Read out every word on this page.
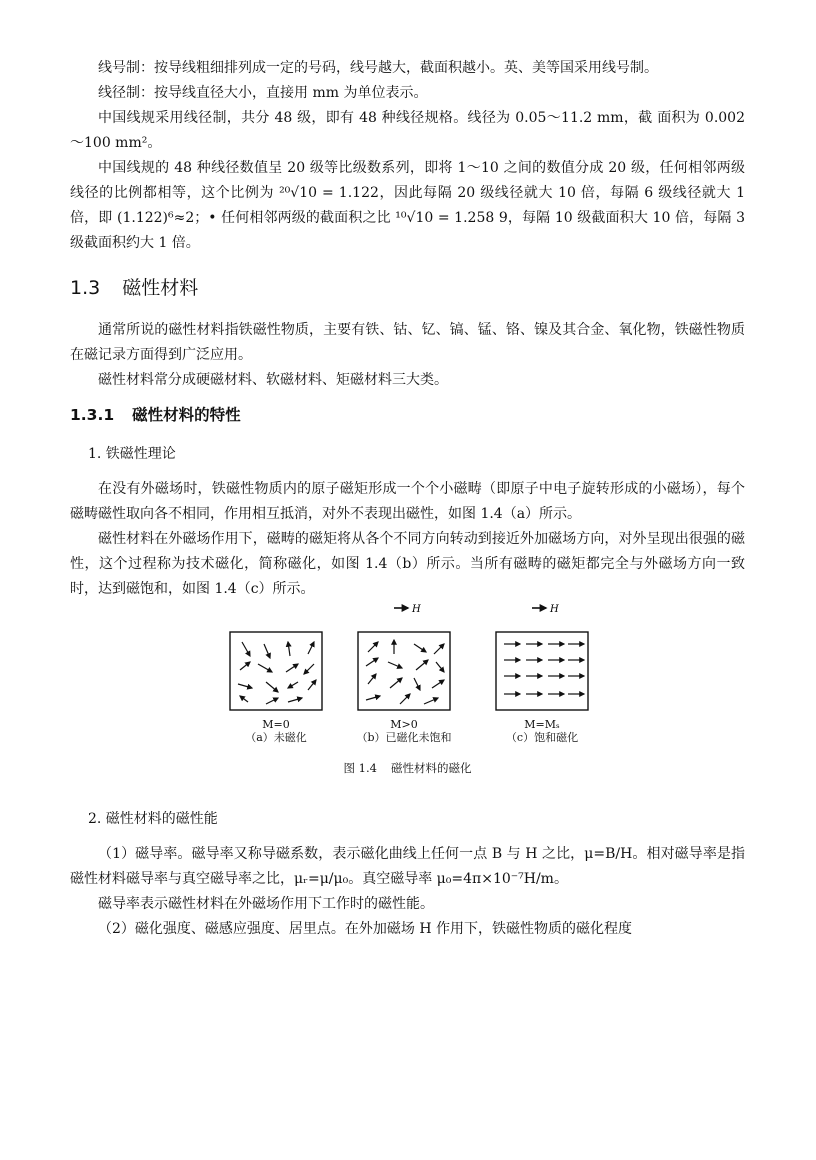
线号制：按导线粗细排列成一定的号码，线号越大，截面积越小。英、美等国采用线号制。

线径制：按导线直径大小，直接用 mm 为单位表示。

中国线规采用线径制，共分 48 级，即有 48 种线径规格。线径为 0.05～11.2 mm，截 面积为 0.002～100 mm²。

中国线规的 48 种线径数值呈 20 级等比级数系列，即将 1～10 之间的数值分成 20 级，任何相邻两级线径的比例都相等，这个比例为 ²⁰√10 = 1.122，因此每隔 20 级线径就大 10 倍，每隔 6 级线径就大 1 倍，即 (1.122)⁶≈2；• 任何相邻两级的截面积之比 ¹⁰√10 = 1.258 9，每隔 10 级截面积大 10 倍，每隔 3 级截面积约大 1 倍。

1.3 磁性材料

通常所说的磁性材料指铁磁性物质，主要有铁、钴、钇、镐、锰、铬、镍及其合金、氧化物，铁磁性物质在磁记录方面得到广泛应用。

磁性材料常分成硬磁材料、软磁材料、矩磁材料三大类。

1.3.1 磁性材料的特性
1. 铁磁性理论

在没有外磁场时，铁磁性物质内的原子磁矩形成一个个小磁畴（即原子中电子旋转形成的小磁场），每个磁畴磁性取向各不相同，作用相互抵消，对外不表现出磁性，如图 1.4（a）所示。

磁性材料在外磁场作用下，磁畴的磁矩将从各个不同方向转动到接近外加磁场方向，对外呈现出很强的磁性，这个过程称为技术磁化，简称磁化，如图 1.4（b）所示。当所有磁畴的磁矩都完全与外磁场方向一致时，达到磁饱和，如图 1.4（c）所示。

M=0
（a）未磁化
H
M>0
（b）已磁化未饱和
H
M=Mₛ
（c）饱和磁化
图 1.4 磁性材料的磁化
2. 磁性材料的磁性能

（1）磁导率。磁导率又称导磁系数，表示磁化曲线上任何一点 B 与 H 之比，μ=B/H。相对磁导率是指磁性材料磁导率与真空磁导率之比，μᵣ=μ/μ₀。真空磁导率 μ₀=4π×10⁻⁷H/m。

磁导率表示磁性材料在外磁场作用下工作时的磁性能。

（2）磁化强度、磁感应强度、居里点。在外加磁场 H 作用下，铁磁性物质的磁化程度
